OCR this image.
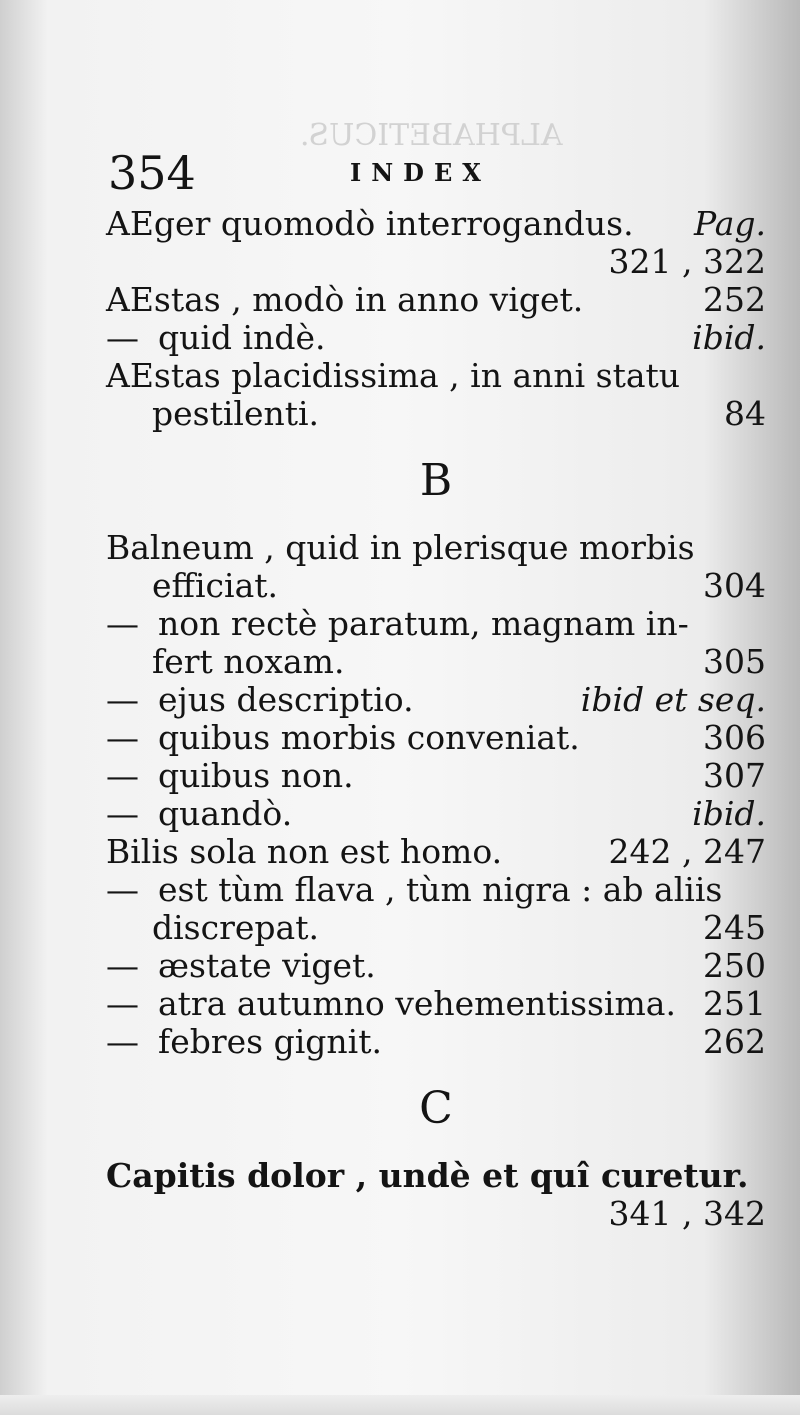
ALPHABETICUS.
354	INDEX
AEger quomodò interrogandus. Pag.
321 , 322
AEstas , modò in anno viget.	252
— quid indè.	ibid.
AEstas placidissima , in anni statu
pestilenti.	84
B
Balneum , quid in plerisque morbis
efficiat.	304
— non rectè paratum, magnam in-
fert noxam.	305
— ejus descriptio.	ibid et seq.
— quibus morbis conveniat.	306
— quibus non.	307
— quandò.	ibid.
Bilis sola non est homo.	242 , 247
— est tùm flava , tùm nigra : ab aliis
discrepat.	245
— æstate viget.	250
— atra autumno vehementissima. 251
— febres gignit.	262
C
Capitis dolor , undè et quî curetur.
341 , 342
